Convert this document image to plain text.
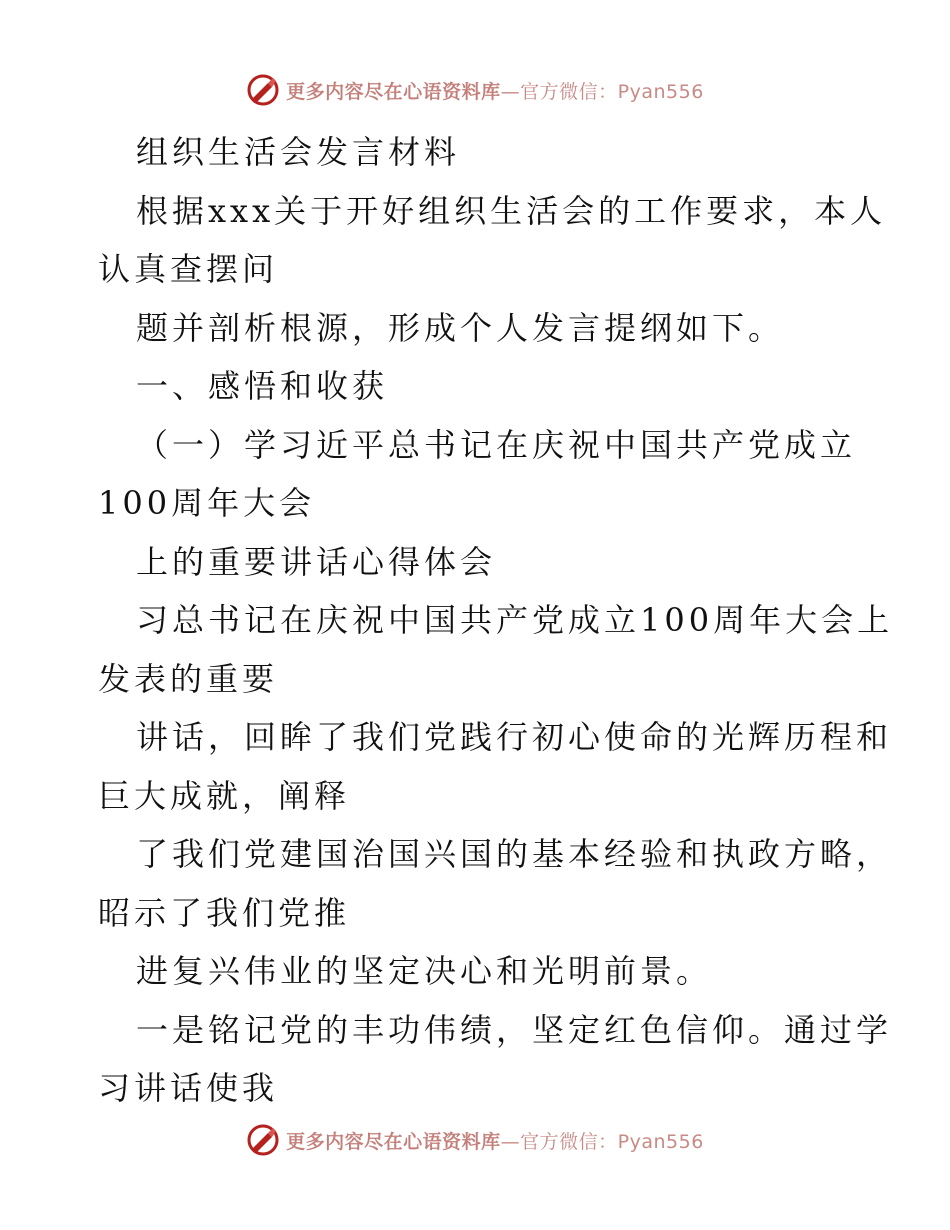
更多内容尽在心语资料库—官方微信：Pyan556

组织生活会发言材料

根据xxx关于开好组织生活会的工作要求，本人

认真查摆问

题并剖析根源，形成个人发言提纲如下。

一、感悟和收获

（一）学习近平总书记在庆祝中国共产党成立

100周年大会

上的重要讲话心得体会

习总书记在庆祝中国共产党成立100周年大会上

发表的重要

讲话，回眸了我们党践行初心使命的光辉历程和

巨大成就，阐释

了我们党建国治国兴国的基本经验和执政方略，

昭示了我们党推

进复兴伟业的坚定决心和光明前景。

一是铭记党的丰功伟绩，坚定红色信仰。通过学

习讲话使我

更多内容尽在心语资料库—官方微信：Pyan556
